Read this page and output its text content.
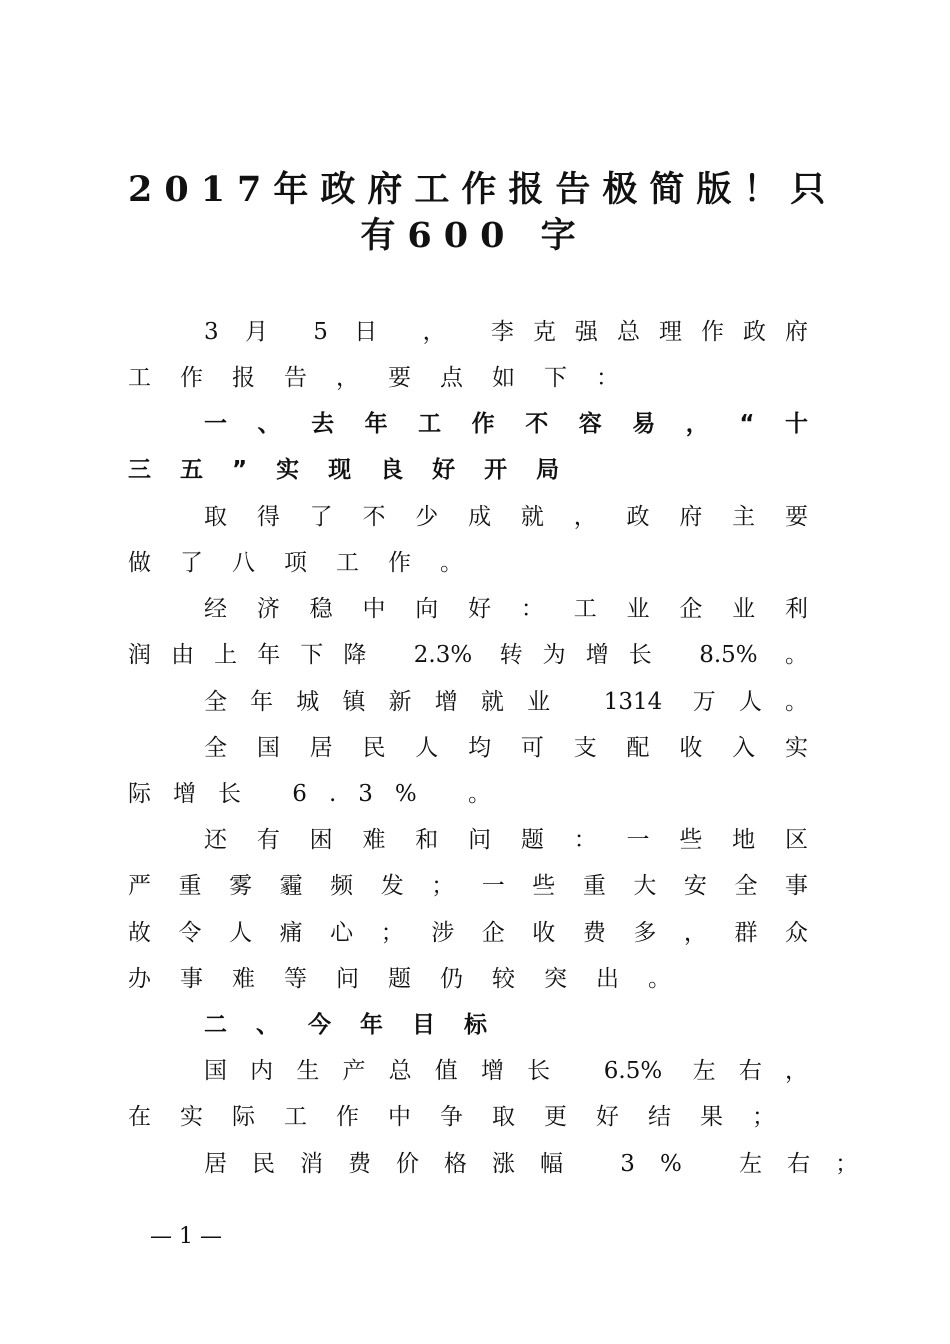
2017年政府工作报告极简版！只
有600 字
3 月 5 日 ， 李克强总理作政府
工作报告，要点如下：
一、去年工作不容易，“十
三五”实现良好开局
取得了不少成就，政府主要
做了八项工作。
经济稳中向好：工业企业利
润由上年下降 2.3% 转为增长 8.5% 。
全年城镇新增就业 1314 万人。
全国居民人均可支配收入实
际增长 6.3% 。
还有困难和问题：一些地区
严重雾霾频发；一些重大安全事
故令人痛心；涉企收费多，群众
办事难等问题仍较突出。
二、今年目标
国内生产总值增长 6.5% 左右，
在实际工作中争取更好结果；
居民消费价格涨幅 3% 左右；
— 1 —
